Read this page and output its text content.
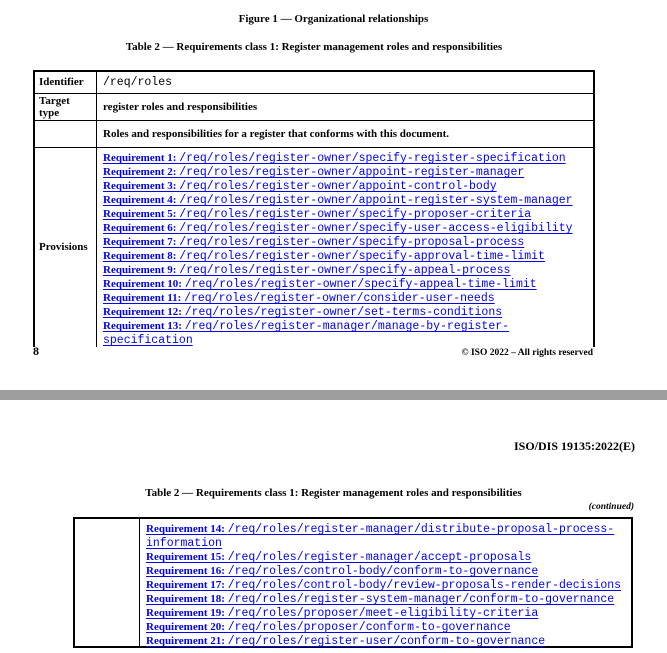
Figure 1 — Organizational relationships
Table 2 — Requirements class 1: Register management roles and responsibilities
Identifier	/req/roles
Target type	register roles and responsibilities
Roles and responsibilities for a register that conforms with this document.
Provisions
Requirement 1: /req/roles/register-owner/specify-register-specification
Requirement 2: /req/roles/register-owner/appoint-register-manager
Requirement 3: /req/roles/register-owner/appoint-control-body
Requirement 4: /req/roles/register-owner/appoint-register-system-manager
Requirement 5: /req/roles/register-owner/specify-proposer-criteria
Requirement 6: /req/roles/register-owner/specify-user-access-eligibility
Requirement 7: /req/roles/register-owner/specify-proposal-process
Requirement 8: /req/roles/register-owner/specify-approval-time-limit
Requirement 9: /req/roles/register-owner/specify-appeal-process
Requirement 10: /req/roles/register-owner/specify-appeal-time-limit
Requirement 11: /req/roles/register-owner/consider-user-needs
Requirement 12: /req/roles/register-owner/set-terms-conditions
Requirement 13: /req/roles/register-manager/manage-by-register-
specification
8	© ISO 2022 – All rights reserved
ISO/DIS 19135:2022(E)
Table 2 — Requirements class 1: Register management roles and responsibilities
(continued)
Requirement 14: /req/roles/register-manager/distribute-proposal-process-
information
Requirement 15: /req/roles/register-manager/accept-proposals
Requirement 16: /req/roles/control-body/conform-to-governance
Requirement 17: /req/roles/control-body/review-proposals-render-decisions
Requirement 18: /req/roles/register-system-manager/conform-to-governance
Requirement 19: /req/roles/proposer/meet-eligibility-criteria
Requirement 20: /req/roles/proposer/conform-to-governance
Requirement 21: /req/roles/register-user/conform-to-governance
